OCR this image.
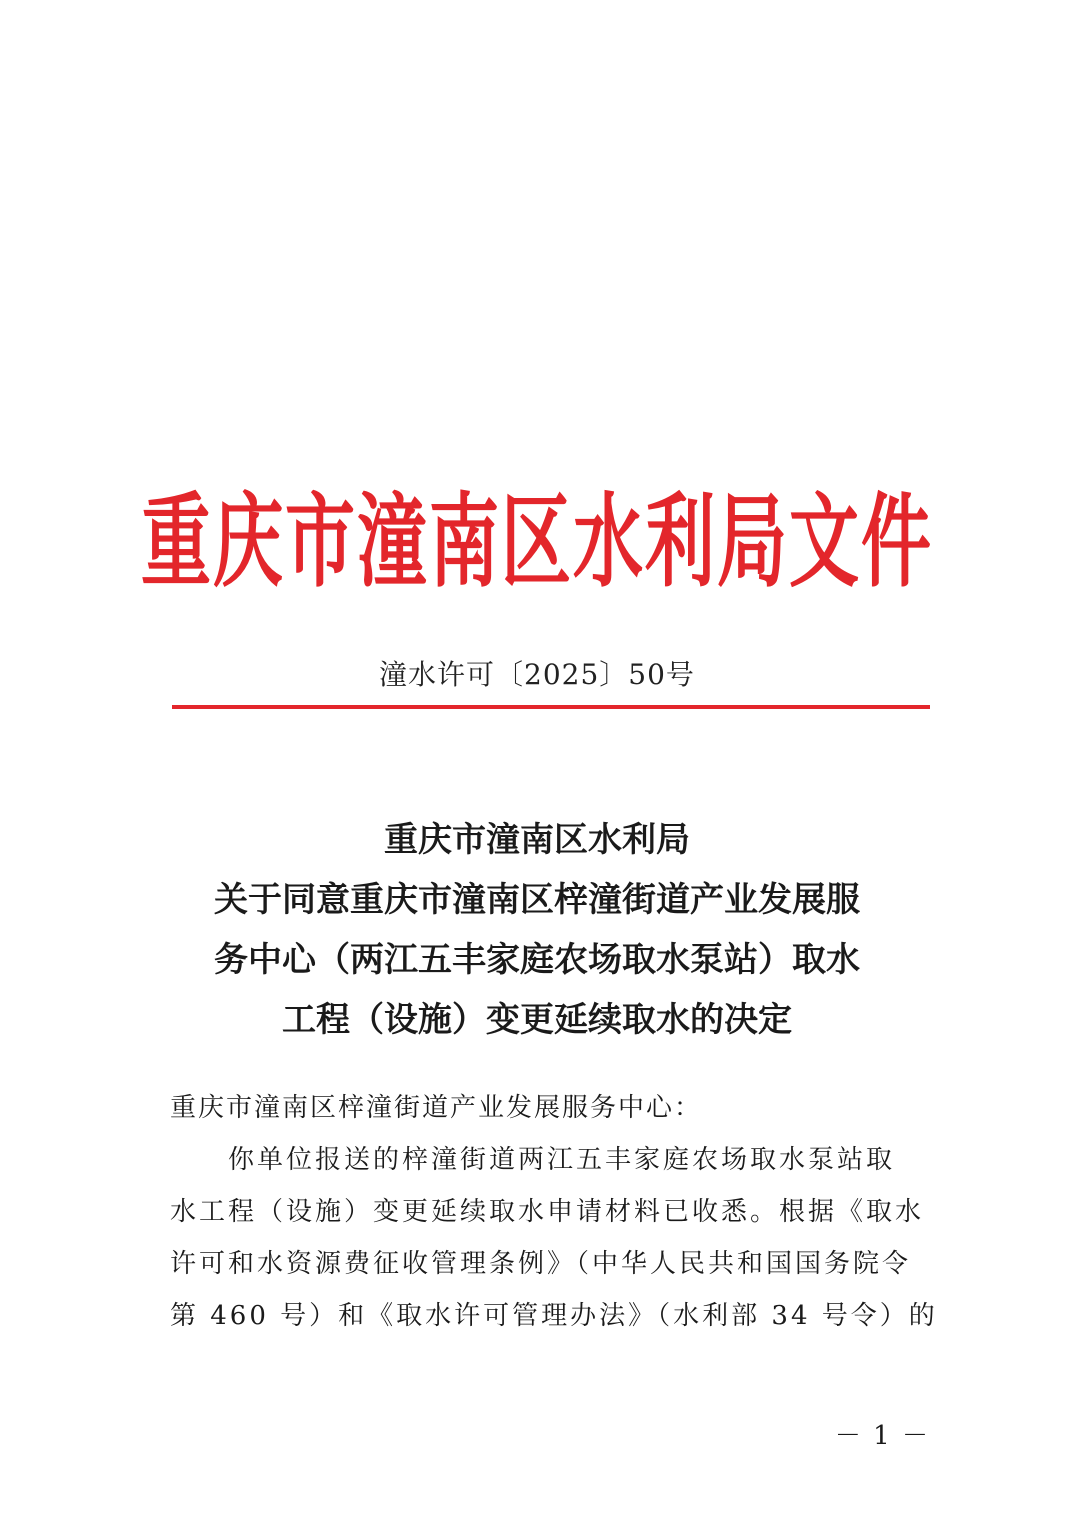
重庆市潼南区水利局文件
潼水许可〔2025〕50号
重庆市潼南区水利局
关于同意重庆市潼南区梓潼街道产业发展服
务中心（两江五丰家庭农场取水泵站）取水
工程（设施）变更延续取水的决定
重庆市潼南区梓潼街道产业发展服务中心：
　　你单位报送的梓潼街道两江五丰家庭农场取水泵站取
水工程（设施）变更延续取水申请材料已收悉。根据《取水
许可和水资源费征收管理条例》（中华人民共和国国务院令
第 460 号）和《取水许可管理办法》（水利部 34 号令）的
－ 1 －
